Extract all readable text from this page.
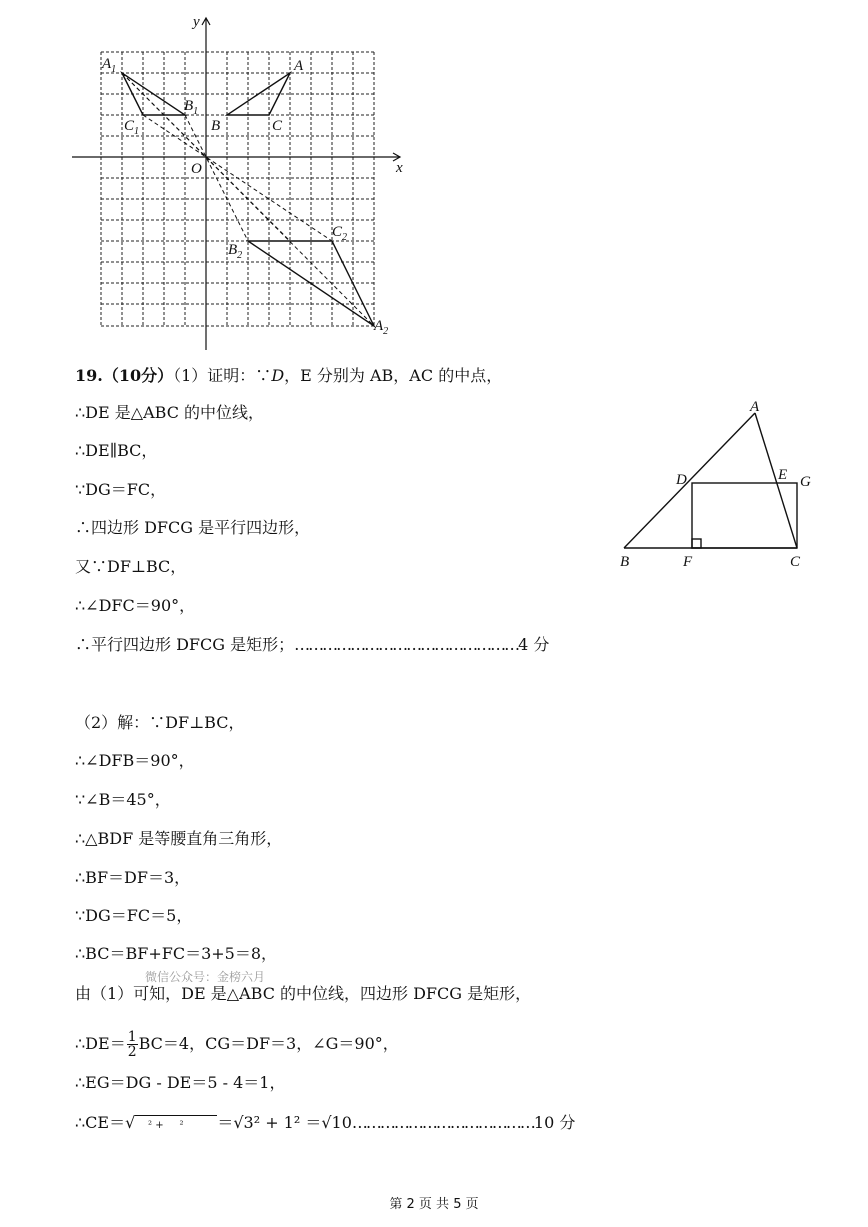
y
x
O
A
B	C
$A_1$
$B_1$
$C_1$
$A_2$
$B_2$
$C_2$
19.（10分）（1）证明：∵D，E 分别为 AB，AC 的中点，
∴DE 是△ABC 的中位线，
∴DE∥BC，
∵DG＝FC，
∴四边形 DFCG 是平行四边形，
又∵DF⊥BC，
∴∠DFC＝90°，
∴平行四边形 DFCG 是矩形；…………………………………………4 分
（2）解：∵DF⊥BC，
∴∠DFB＝90°，
∵∠B＝45°，
∴△BDF 是等腰直角三角形，
∴BF＝DF＝3，
∵DG＝FC＝5，
∴BC＝BF+FC＝3+5＝8，
微信公众号：金榜六月
由（1）可知，DE 是△ABC 的中位线，四边形 DFCG 是矩形，
∴DE＝ $\frac{1}{2} BC=4$，CG＝DF＝3，∠G＝90°，
∴EG＝DG - DE＝5 - 4＝1，
∴CE＝√    ² +     ² ＝√3² + 1² ＝√10…………………………………10 分
A
B	C
D	E
F
G
第 2 页 共 5 页
